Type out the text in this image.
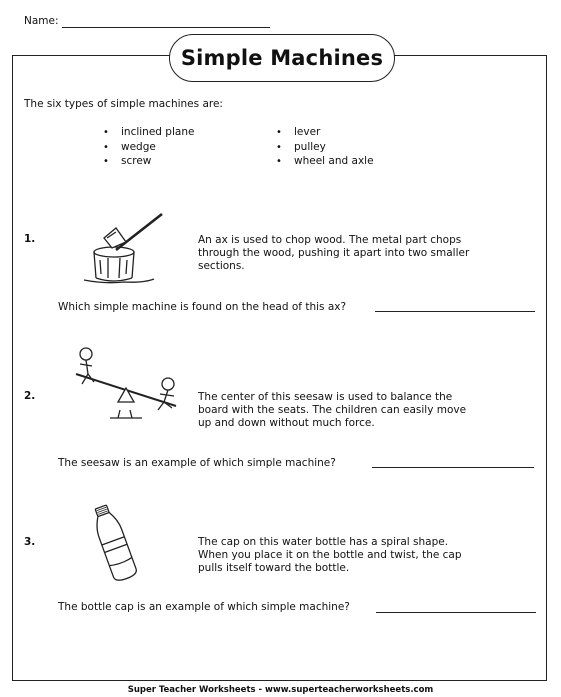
Name:
Simple Machines
The six types of simple machines are:
• inclined plane	• lever
• wedge	• pulley
• screw	• wheel and axle
1.	An ax is used to chop wood. The metal part chops through the wood, pushing it apart into two smaller sections.
Which simple machine is found on the head of this ax?
2.	The center of this seesaw is used to balance the board with the seats. The children can easily move up and down without much force.
The seesaw is an example of which simple machine?
3.	The cap on this water bottle has a spiral shape. When you place it on the bottle and twist, the cap pulls itself toward the bottle.
The bottle cap is an example of which simple machine?
Super Teacher Worksheets - www.superteacherworksheets.com
